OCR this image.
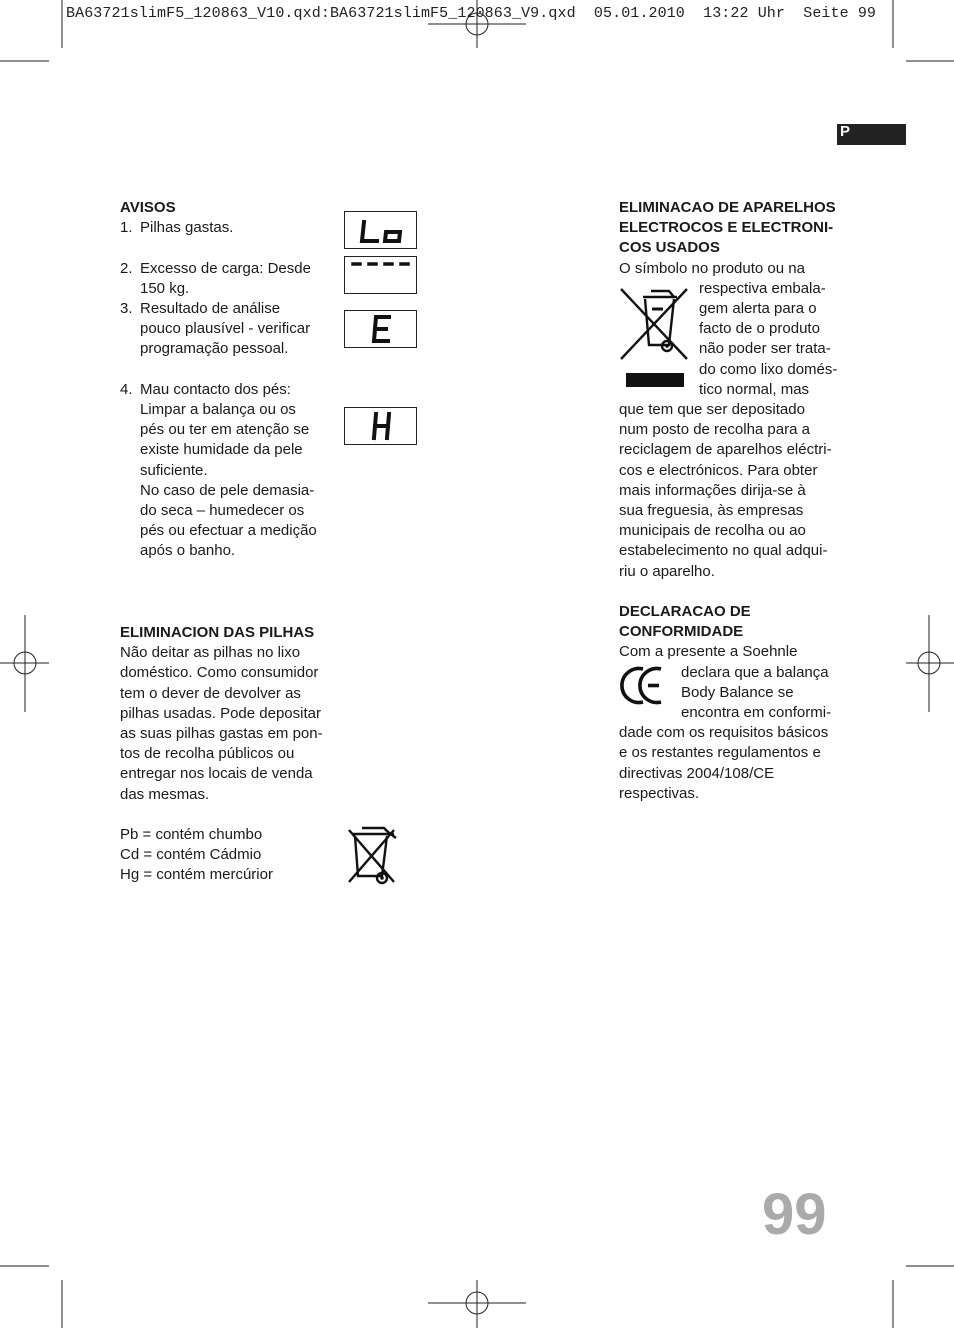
BA63721slimF5_120863_V10.qxd:BA63721slimF5_120863_V9.qxd  05.01.2010  13:22 Uhr  Seite 99
P

AVISOS

1. Pilhas gastas.
2. Excesso de carga: Desde
150 kg.
3. Resultado de análise
pouco plausível - verificar
programação pessoal.
4. Mau contacto dos pés:
Limpar a balança ou os
pés ou ter em atenção se
existe humidade da pele
suficiente.
No caso de pele demasia-
do seca – humedecer os
pés ou efectuar a medição
após o banho.

ELIMINACION DAS PILHAS

Não deitar as pilhas no lixo

doméstico. Como consumidor

tem o dever de devolver as

pilhas usadas. Pode depositar

as suas pilhas gastas em pon-

tos de recolha públicos ou

entregar nos locais de venda

das mesmas.

Pb = contém chumbo

Cd = contém Cádmio

Hg = contém mercúrior

ELIMINACAO DE APARELHOS

ELECTROCOS E ELECTRONI-

COS USADOS

O símbolo no produto ou na

respectiva embala-

gem alerta para o

facto de o produto

não poder ser trata-

do como lixo domés-

tico normal, mas

que tem que ser depositado

num posto de recolha para a

reciclagem de aparelhos eléctri-

cos e electrónicos. Para obter

mais informações dirija-se à

sua freguesia, às empresas

municipais de recolha ou ao

estabelecimento no qual adqui-

riu o aparelho.

DECLARACAO DE

CONFORMIDADE

Com a presente a Soehnle

declara que a balança

Body Balance se

encontra em conformi-

dade com os requisitos básicos

e os restantes regulamentos e

directivas 2004/108/CE

respectivas.

99
